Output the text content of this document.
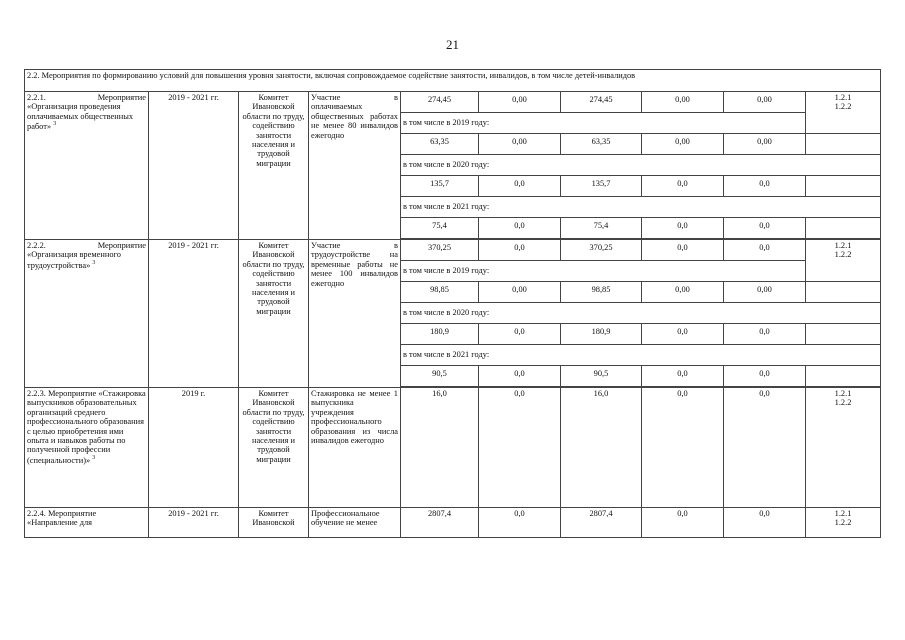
21
2.2. Мероприятия по формированию условий для повышения уровня занятости, включая сопровождаемое содействие занятости, инвалидов, в том числе детей-инвалидов									

2.2.1. Мероприятие
«Организация проведения оплачиваемых общественных работ» $^3$	2019 - 2021 гг.	Комитет Ивановской области по труду, содействию занятости населения и трудовой миграции	Участие в оплачиваемых общественных работах не менее 80 инвалидов ежегодно	274,45	0,00	274,45	0,00	0,00	1.2.1
1.2.2
				в том числе в 2019 году:					
				63,35	0,00	63,35	0,00	0,00	
				в том числе в 2020 году:					
				135,7	0,0	135,7	0,0	0,0	
				в том числе в 2021 году:					
				75,4	0,0	75,4	0,0	0,0	

2.2.2. Мероприятие
«Организация временного трудоустройства» $^3$	2019 - 2021 гг.	Комитет Ивановской области по труду, содействию занятости населения и трудовой миграции	Участие в трудоустройстве на временные работы не менее 100 инвалидов ежегодно	370,25	0,0	370,25	0,0	0,0	1.2.1
1.2.2
				в том числе в 2019 году:					
				98,85	0,00	98,85	0,00	0,00	
				в том числе в 2020 году:					
				180,9	0,0	180,9	0,0	0,0	
				в том числе в 2021 году:					
				90,5	0,0	90,5	0,0	0,0	

2.2.3. Мероприятие «Стажировка выпускников образовательных организаций среднего профессионального образования с целью приобретения ими опыта и навыков работы по полученной профессии (специальности)» $^3$	2019 г.	Комитет Ивановской области по труду, содействию занятости населения и трудовой миграции	Стажировка не менее 1 выпускника учреждения профессионального образования из числа инвалидов ежегодно	16,0	0,0	16,0	0,0	0,0	1.2.1
1.2.2
2.2.4. Мероприятие «Направление для	2019 - 2021 гг.	Комитет Ивановской	Профессиональное обучение не менее	2807,4	0,0	2807,4	0,0	0,0	1.2.1
1.2.2
